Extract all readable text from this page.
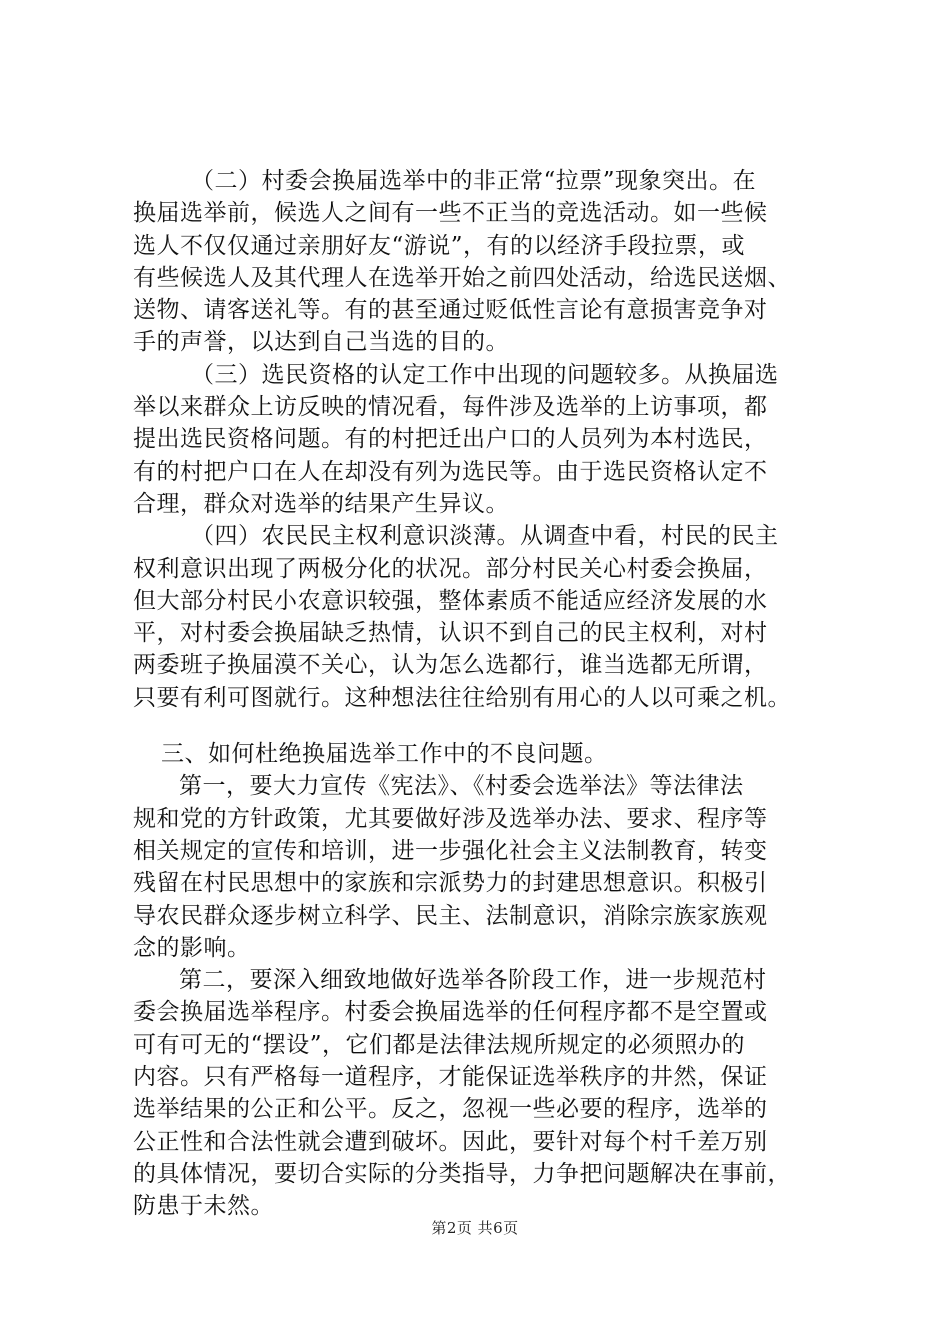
（二）村委会换届选举中的非正常“拉票”现象突出。在
换届选举前，候选人之间有一些不正当的竞选活动。如一些候
选人不仅仅通过亲朋好友“游说”，有的以经济手段拉票，或
有些候选人及其代理人在选举开始之前四处活动，给选民送烟、
送物、请客送礼等。有的甚至通过贬低性言论有意损害竞争对
手的声誉，以达到自己当选的目的。
（三）选民资格的认定工作中出现的问题较多。从换届选
举以来群众上访反映的情况看，每件涉及选举的上访事项，都
提出选民资格问题。有的村把迁出户口的人员列为本村选民，
有的村把户口在人在却没有列为选民等。由于选民资格认定不
合理，群众对选举的结果产生异议。
（四）农民民主权利意识淡薄。从调查中看，村民的民主
权利意识出现了两极分化的状况。部分村民关心村委会换届，
但大部分村民小农意识较强，整体素质不能适应经济发展的水
平，对村委会换届缺乏热情，认识不到自己的民主权利，对村
两委班子换届漠不关心，认为怎么选都行，谁当选都无所谓，
只要有利可图就行。这种想法往往给别有用心的人以可乘之机。
三、如何杜绝换届选举工作中的不良问题。
第一，要大力宣传《宪法》、《村委会选举法》等法律法
规和党的方针政策，尤其要做好涉及选举办法、要求、程序等
相关规定的宣传和培训，进一步强化社会主义法制教育，转变
残留在村民思想中的家族和宗派势力的封建思想意识。积极引
导农民群众逐步树立科学、民主、法制意识，消除宗族家族观
念的影响。
第二，要深入细致地做好选举各阶段工作，进一步规范村
委会换届选举程序。村委会换届选举的任何程序都不是空置或
可有可无的“摆设”，它们都是法律法规所规定的必须照办的
内容。只有严格每一道程序，才能保证选举秩序的井然，保证
选举结果的公正和公平。反之，忽视一些必要的程序，选举的
公正性和合法性就会遭到破坏。因此，要针对每个村千差万别
的具体情况，要切合实际的分类指导，力争把问题解决在事前，
防患于未然。
第2页 共6页
